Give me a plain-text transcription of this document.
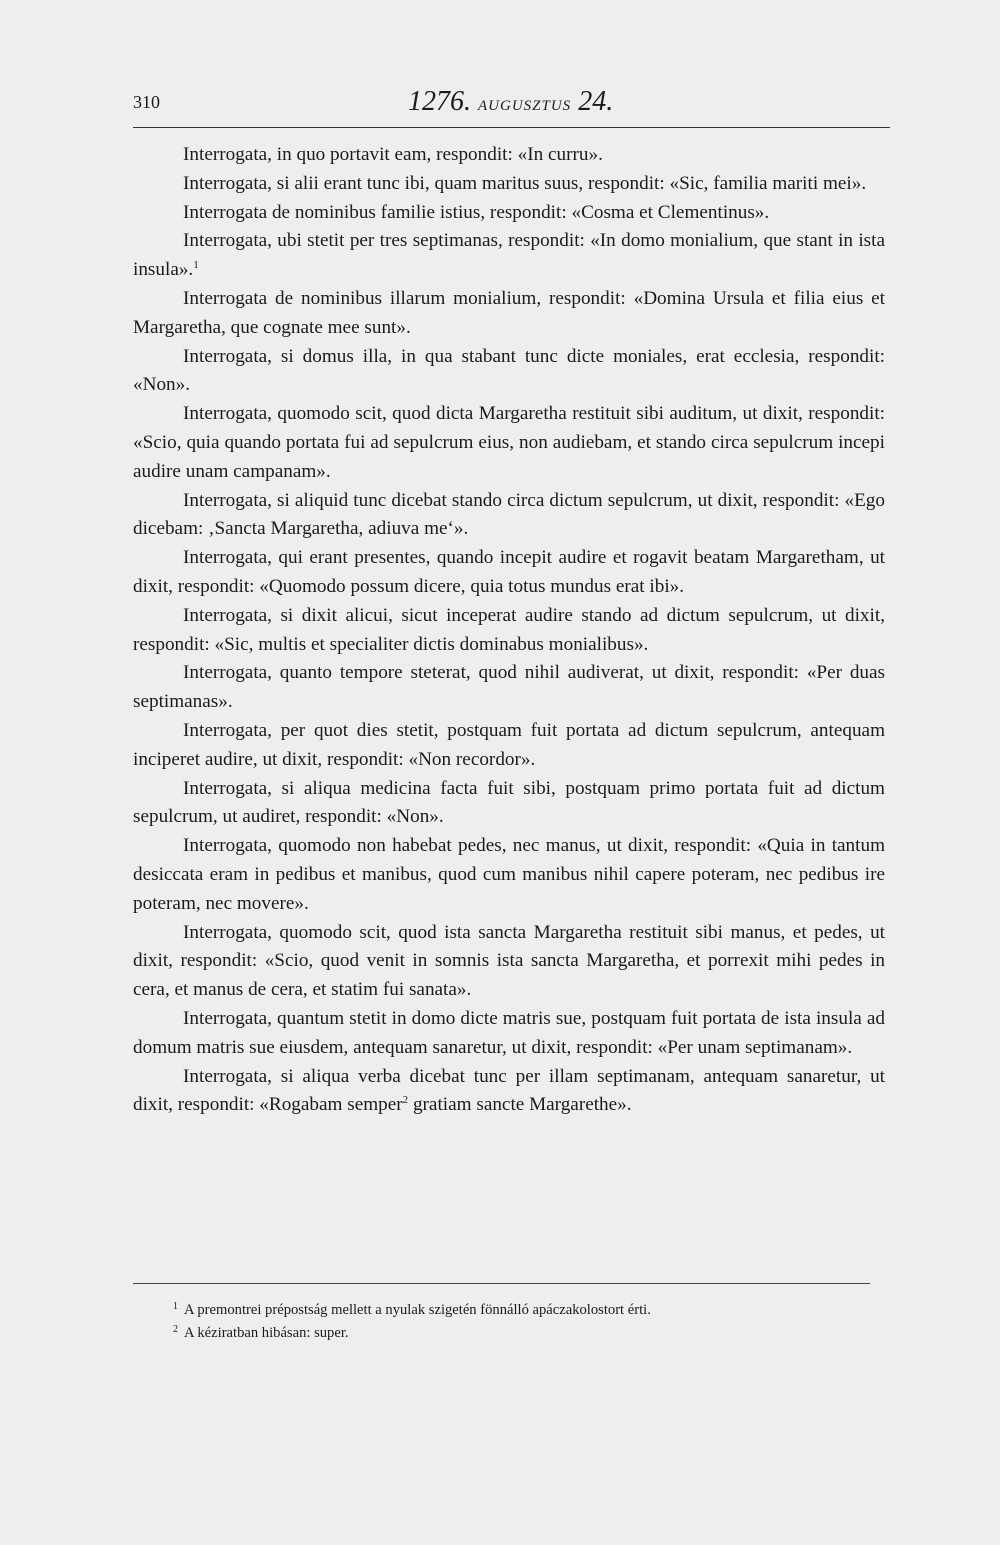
310	1276. AUGUSZTUS 24.

Interrogata, in quo portavit eam, respondit: «In curru».

Interrogata, si alii erant tunc ibi, quam maritus suus, respondit: «Sic, familia mariti mei».

Interrogata de nominibus familie istius, respondit: «Cosma et Clementinus».

Interrogata, ubi stetit per tres septimanas, respondit: «In domo monialium, que stant in ista insula».$^1$

Interrogata de nominibus illarum monialium, respondit: «Domina Ursula et filia eius et Margaretha, que cognate mee sunt».

Interrogata, si domus illa, in qua stabant tunc dicte moniales, erat ecclesia, respondit: «Non».

Interrogata, quomodo scit, quod dicta Margaretha restituit sibi auditum, ut dixit, respondit: «Scio, quia quando portata fui ad sepulcrum eius, non audiebam, et stando circa sepulcrum incepi audire unam campanam».

Interrogata, si aliquid tunc dicebat stando circa dictum sepulcrum, ut dixit, respondit: «Ego dicebam: ‚Sancta Margaretha, adiuva me‘».

Interrogata, qui erant presentes, quando incepit audire et rogavit beatam Margaretham, ut dixit, respondit: «Quomodo possum dicere, quia totus mundus erat ibi».

Interrogata, si dixit alicui, sicut inceperat audire stando ad dictum sepulcrum, ut dixit, respondit: «Sic, multis et specialiter dictis dominabus monialibus».

Interrogata, quanto tempore steterat, quod nihil audiverat, ut dixit, respondit: «Per duas septimanas».

Interrogata, per quot dies stetit, postquam fuit portata ad dictum sepulcrum, antequam inciperet audire, ut dixit, respondit: «Non recordor».

Interrogata, si aliqua medicina facta fuit sibi, postquam primo portata fuit ad dictum sepulcrum, ut audiret, respondit: «Non».

Interrogata, quomodo non habebat pedes, nec manus, ut dixit, respondit: «Quia in tantum desiccata eram in pedibus et manibus, quod cum manibus nihil capere poteram, nec pedibus ire poteram, nec movere».

Interrogata, quomodo scit, quod ista sancta Margaretha restituit sibi manus, et pedes, ut dixit, respondit: «Scio, quod venit in somnis ista sancta Margaretha, et porrexit mihi pedes in cera, et manus de cera, et statim fui sanata».

Interrogata, quantum stetit in domo dicte matris sue, postquam fuit portata de ista insula ad domum matris sue eiusdem, antequam sanaretur, ut dixit, respondit: «Per unam septimanam».

Interrogata, si aliqua verba dicebat tunc per illam septimanam, antequam sanaretur, ut dixit, respondit: «Rogabam semper$^2$ gratiam sancte Margarethe».

$^1$ A premontrei prépostság mellett a nyulak szigetén fönnálló apáczakolostort érti.
$^2$ A kéziratban hibásan: super.
